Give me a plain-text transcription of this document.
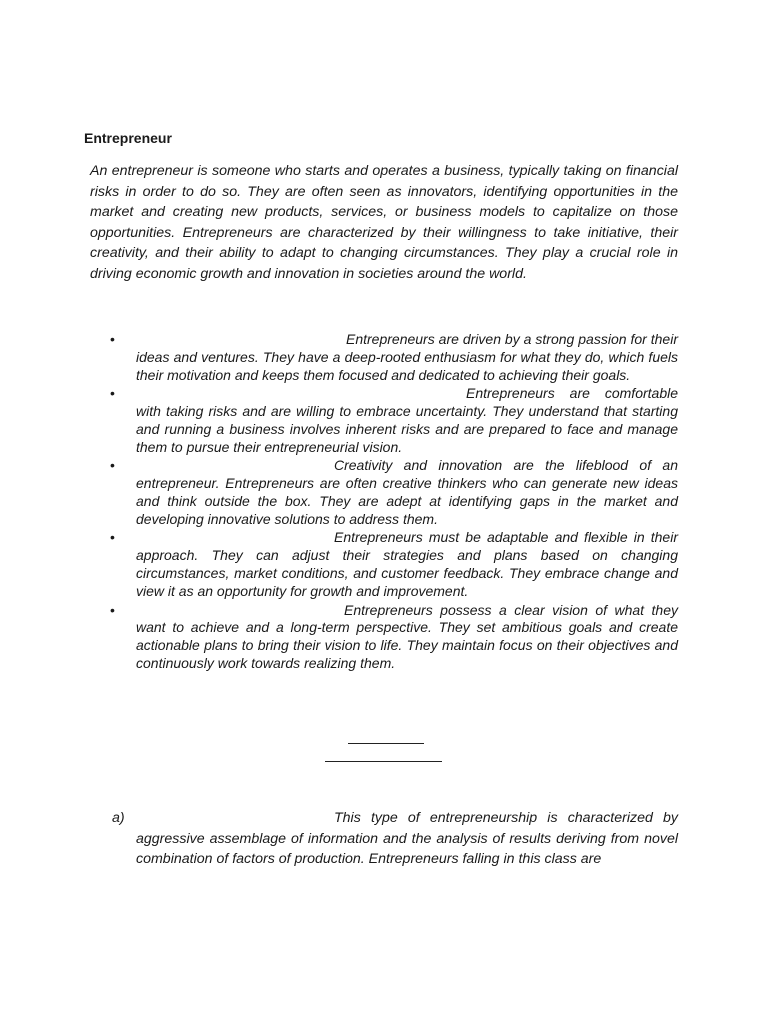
Entrepreneur

An entrepreneur is someone who starts and operates a business, typically taking on financial risks in order to do so. They are often seen as innovators, identifying opportunities in the market and creating new products, services, or business models to capitalize on those opportunities. Entrepreneurs are characterized by their willingness to take initiative, their creativity, and their ability to adapt to changing circumstances. They play a crucial role in driving economic growth and innovation in societies around the world.

•	Entrepreneurs are driven by a strong passion for their ideas and ventures. They have a deep-rooted enthusiasm for what they do, which fuels their motivation and keeps them focused and dedicated to achieving their goals.
•	Entrepreneurs are comfortable with taking risks and are willing to embrace uncertainty. They understand that starting and running a business involves inherent risks and are prepared to face and manage them to pursue their entrepreneurial vision.
•	Creativity and innovation are the lifeblood of an entrepreneur. Entrepreneurs are often creative thinkers who can generate new ideas and think outside the box. They are adept at identifying gaps in the market and developing innovative solutions to address them.
•	Entrepreneurs must be adaptable and flexible in their approach. They can adjust their strategies and plans based on changing circumstances, market conditions, and customer feedback. They embrace change and view it as an opportunity for growth and improvement.
•	Entrepreneurs possess a clear vision of what they want to achieve and a long-term perspective. They set ambitious goals and create actionable plans to bring their vision to life. They maintain focus on their objectives and continuously work towards realizing them.
a)	This type of entrepreneurship is characterized by aggressive assemblage of information and the analysis of results deriving from novel combination of factors of production. Entrepreneurs falling in this class are
